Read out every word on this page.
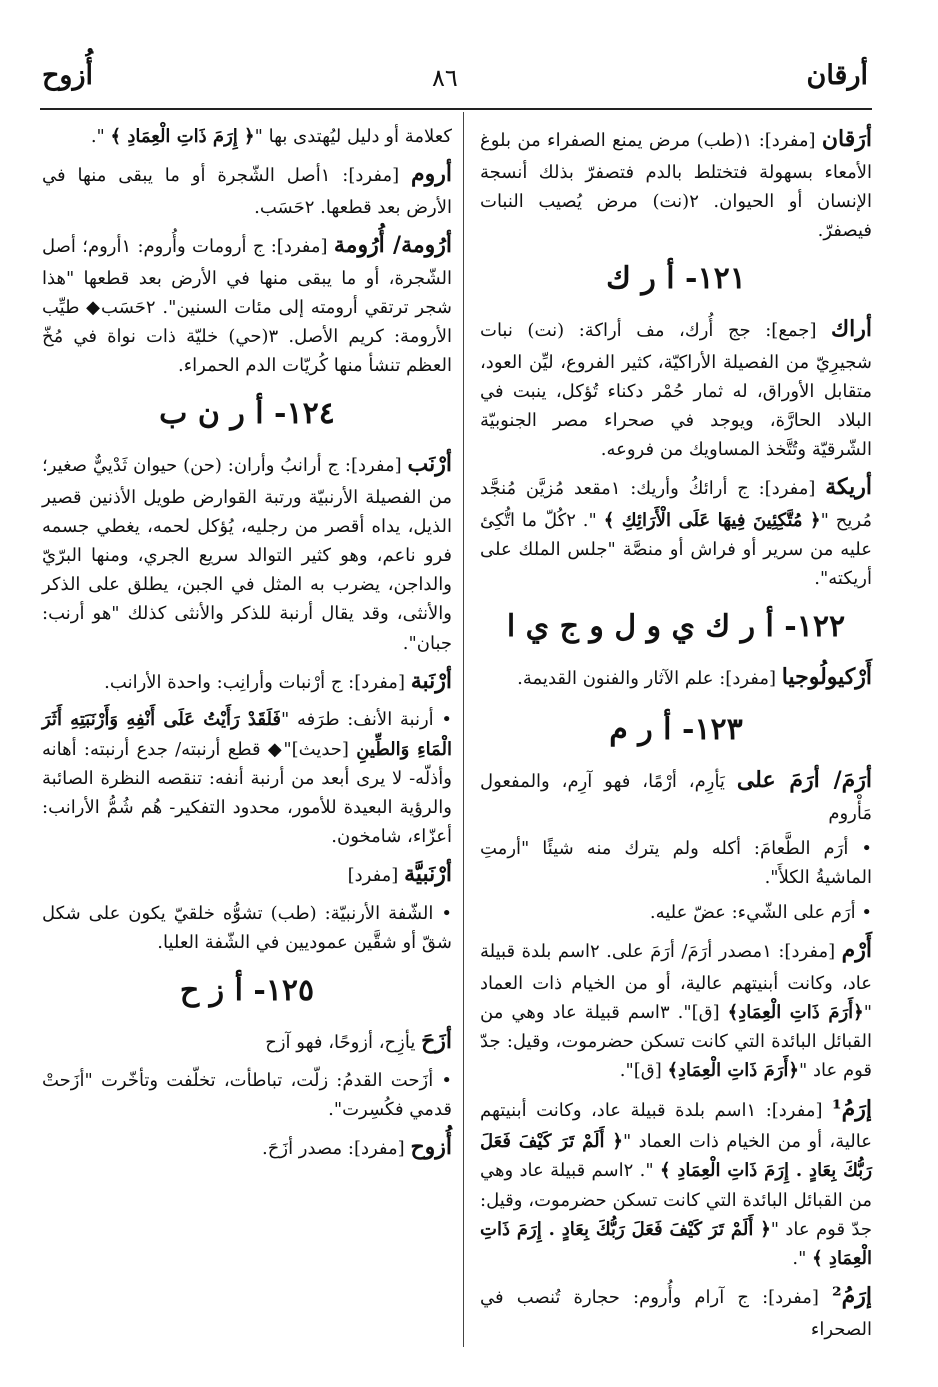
أُزوح	٨٦	أرقان

أرَقان [مفرد]: ١(طب) مرض يمنع الصفراء من بلوغ الأمعاء بسهولة فتختلط بالدم فتصفرّ بذلك أنسجة الإنسان أو الحيوان. ٢(نت) مرض يُصيب النبات فيصفرّ.

١٢١- أ ر ك

أراك [جمع]: جج أُرك، مف أراكة: (نت) نبات شجيرِيّ من الفصيلة الأراكيّة، كثير الفروع، ليِّن العود، متقابل الأوراق، له ثمار حُمْر دكناء تُؤكل، ينبت في البلاد الحارَّة، ويوجد في صحراء مصر الجنوبيّة الشّرقيّة وتُتَّخذ المساويك من فروعه.

أريكة [مفرد]: ج أرائكُ وأريك: ١مقعد مُزيَّن مُنجَّد مُريح "﴿ مُتَّكِئِينَ فِيهَا عَلَى الْأَرَائِكِ ﴾ ". ٢كُلّ ما اتُّكِئ عليه من سرير أو فراش أو منصَّة "جلس الملك على أريكته".

١٢٢- أ ر ك ي و ل و ج ي ا

أَرْكيولُوجيا [مفرد]: علم الآثار والفنون القديمة.

١٢٣- أ ر م

أرَمَ/ أرَمَ على يَأرِم، أرْمًا، فهو آرِم، والمفعول مَأْروم

• أرَم الطَّعامَ: أكله ولم يترك منه شيئًا "أرمتِ الماشيةُ الكلأَ".

• أرَم على الشّيء: عضّ عليه.

أَرْم [مفرد]: ١مصدر أرَمَ/ أرَمَ على. ٢اسم بلدة قبيلة عاد، وكانت أبنيتهم عالية، أو من الخيام ذات العماد "﴿أَرَمَ ذَاتِ الْعِمَادِ﴾ [ق]". ٣اسم قبيلة عاد وهي من القبائل البائدة التي كانت تسكن حضرموت، وقيل: جدّ قوم عاد "﴿أَرَمَ ذَاتِ الْعِمَادِ﴾ [ق]".

إرَمُ¹ [مفرد]: ١اسم بلدة قبيلة عاد، وكانت أبنيتهم عالية، أو من الخيام ذات العماد "﴿ أَلَمْ تَرَ كَيْفَ فَعَلَ رَبُّكَ بِعَادٍ . إِرَمَ ذَاتِ الْعِمَادِ ﴾ ". ٢اسم قبيلة عاد وهي من القبائل البائدة التي كانت تسكن حضرموت، وقيل: جدّ قوم عاد "﴿ أَلَمْ تَرَ كَيْفَ فَعَلَ رَبُّكَ بِعَادٍ . إِرَمَ ذَاتِ الْعِمَادِ ﴾ ".

إرَمُ² [مفرد]: ج آرام وأُروم: حجارة تُنصب في الصحراء

كعلامة أو دليل ليُهتدى بها "﴿ إِرَمَ ذَاتِ الْعِمَادِ ﴾ ".

أروم [مفرد]: ١أصل الشّجرة أو ما يبقى منها في الأرض بعد قطعها. ٢حَسَب.

أرُومة/ أُرُومة [مفرد]: ج أرومات وأُروم: ١أروم؛ أصل الشّجرة، أو ما يبقى منها في الأرض بعد قطعها "هذا شجر ترتقي أرومته إلى مئات السنين". ٢حَسَب◆ طيِّب الأرومة: كريم الأصل. ٣(حي) خليّة ذات نواة في مُخّ العظم تنشأ منها كُريّات الدم الحمراء.

١٢٤- أ ر ن ب

أرْنَب [مفرد]: ج أرانبُ وأران: (حن) حيوان ثَدْييٌّ صغير؛ من الفصيلة الأرنبيّة ورتبة القوارض طويل الأذنين قصير الذيل، يداه أقصر من رجليه، يُؤكل لحمه، يغطي جسمه فرو ناعم، وهو كثير التوالد سريع الجري، ومنها البرّيّ والداجن، يضرب به المثل في الجبن، يطلق على الذكر والأنثى، وقد يقال أرنبة للذكر والأنثى كذلك "هو أرنب: جبان".

أرْنَبة [مفرد]: ج أرْنبات وأرانِب: واحدة الأرانب.

• أرنبة الأنف: طرَفه "فَلَقَدْ رَأَيْتُ عَلَى أَنْفِهِ وَأَرْنَبَتِهِ أَثَرَ الْمَاءِ وَالطِّينِ [حديث]"◆ قطع أرنبته/ جدع أرنبته: أهانه وأذلّه- لا يرى أبعد من أرنبة أنفه: تنقصه النظرة الصائبة والرؤية البعيدة للأمور، محدود التفكير- هُم شُمُّ الأرانب: أعزّاء، شامخون.

أرْنَبيَّة [مفرد]

• الشّفة الأرنبيّة: (طب) تشوُّه خلقيّ يكون على شكل شقّ أو شقَّين عموديين في الشّفة العليا.

١٢٥- أ ز ح

أزَحَ يأزِح، أزوحًا، فهو آزح

• أزَحت القدمُ: زلّت، تباطأت، تخلّفت وتأخّرت "أزَحتْ قدمي فكُسِرت".

أُزوح [مفرد]: مصدر أزَحَ.
